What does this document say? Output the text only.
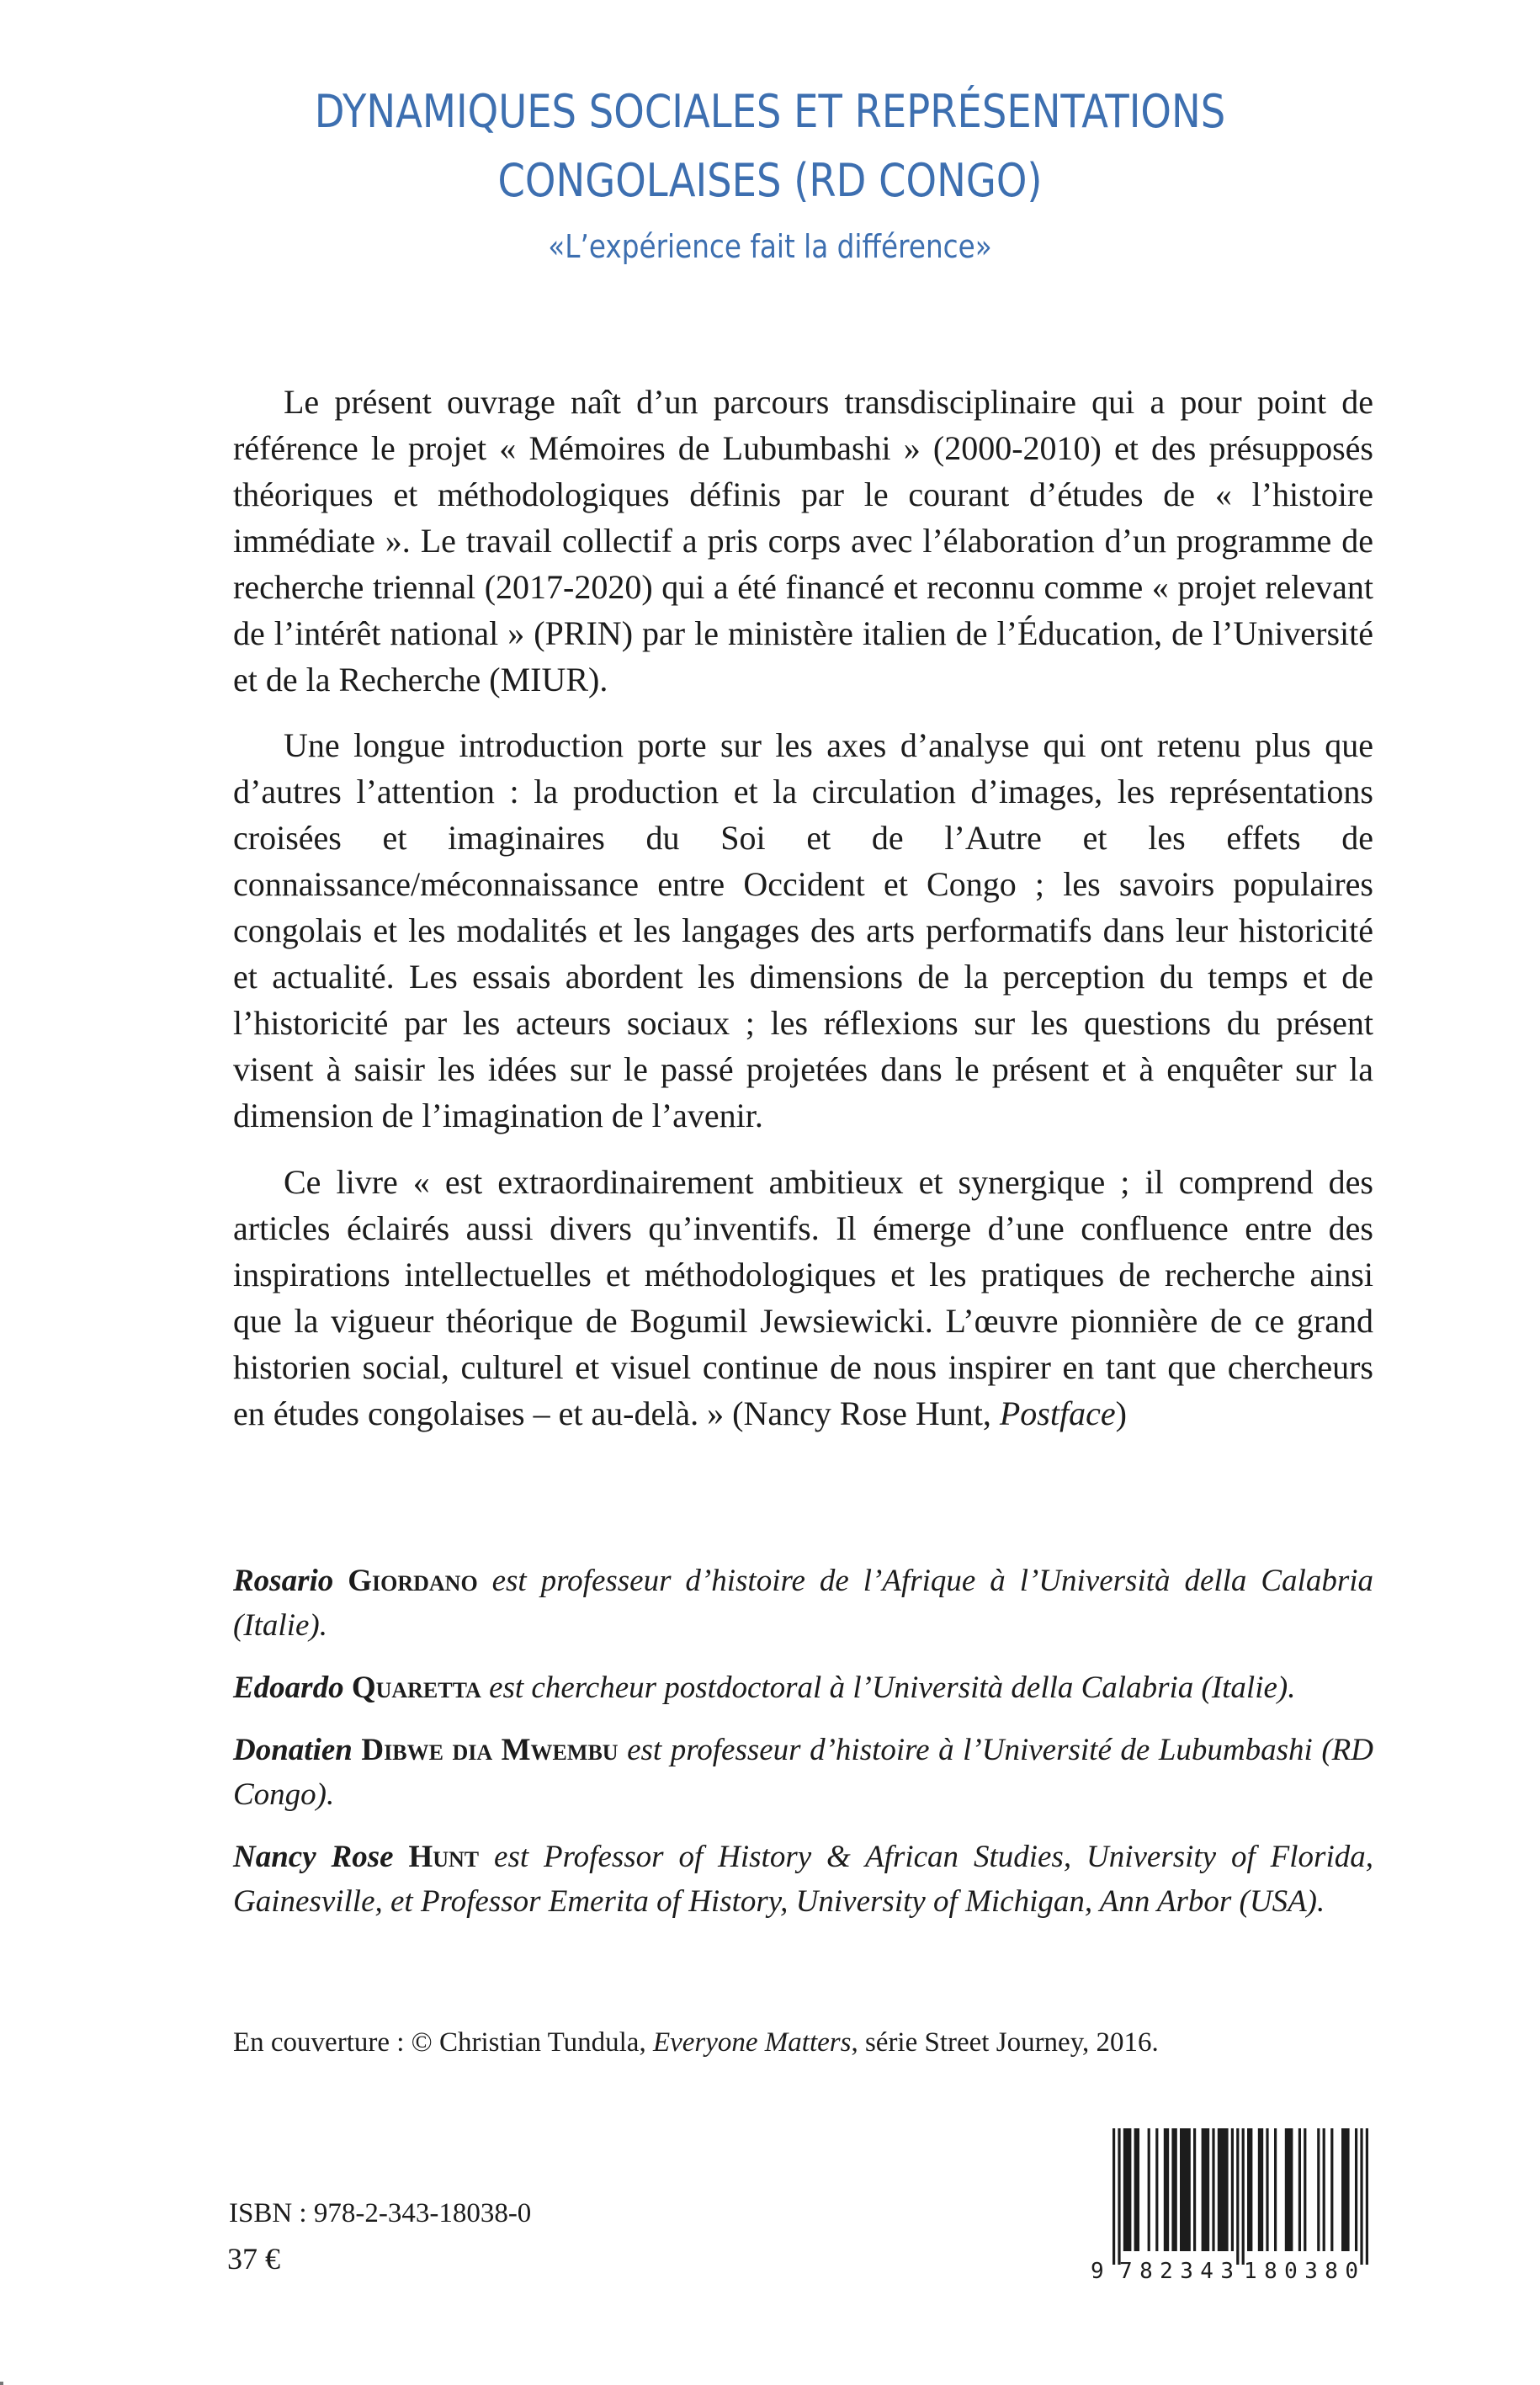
DYNAMIQUES SOCIALES ET REPRÉSENTATIONS
CONGOLAISES (RD CONGO)
«L’expérience fait la différence»

Le présent ouvrage naît d’un parcours transdisciplinaire qui a pour point de référence le projet « Mémoires de Lubumbashi » (2000-2010) et des présupposés théoriques et méthodologiques définis par le courant d’études de « l’histoire immédiate ». Le travail collectif a pris corps avec l’élaboration d’un programme de recherche triennal (2017-2020) qui a été financé et reconnu comme « projet relevant de l’intérêt national » (PRIN) par le ministère italien de l’Éducation, de l’Université et de la Recherche (MIUR).

Une longue introduction porte sur les axes d’analyse qui ont retenu plus que d’autres l’attention : la production et la circulation d’images, les représentations croisées et imaginaires du Soi et de l’Autre et les effets de connaissance/méconnaissance entre Occident et Congo ; les savoirs populaires congolais et les modalités et les langages des arts performatifs dans leur historicité et actualité. Les essais abordent les dimensions de la perception du temps et de l’historicité par les acteurs sociaux ; les réflexions sur les questions du présent visent à saisir les idées sur le passé projetées dans le présent et à enquêter sur la dimension de l’imagination de l’avenir.

Ce livre « est extraordinairement ambitieux et synergique ; il comprend des articles éclairés aussi divers qu’inventifs. Il émerge d’une confluence entre des inspirations intellectuelles et méthodologiques et les pratiques de recherche ainsi que la vigueur théorique de Bogumil Jewsiewicki. L’œuvre pionnière de ce grand historien social, culturel et visuel continue de nous inspirer en tant que chercheurs en études congolaises – et au-delà. » (Nancy Rose Hunt, Postface)

Rosario Giordano est professeur d’histoire de l’Afrique à l’Università della Calabria (Italie).

Edoardo Quaretta est chercheur postdoctoral à l’Università della Calabria (Italie).

Donatien Dibwe dia Mwembu est professeur d’histoire à l’Université de Lubumbashi (RD Congo).

Nancy Rose Hunt est Professor of History & African Studies, University of Florida, Gainesville, et Professor Emerita of History, University of Michigan, Ann Arbor (USA).

En couverture : © Christian Tundula, Everyone Matters, série Street Journey, 2016.
ISBN : 978-2-343-18038-0
37 €	9 782343 180380
